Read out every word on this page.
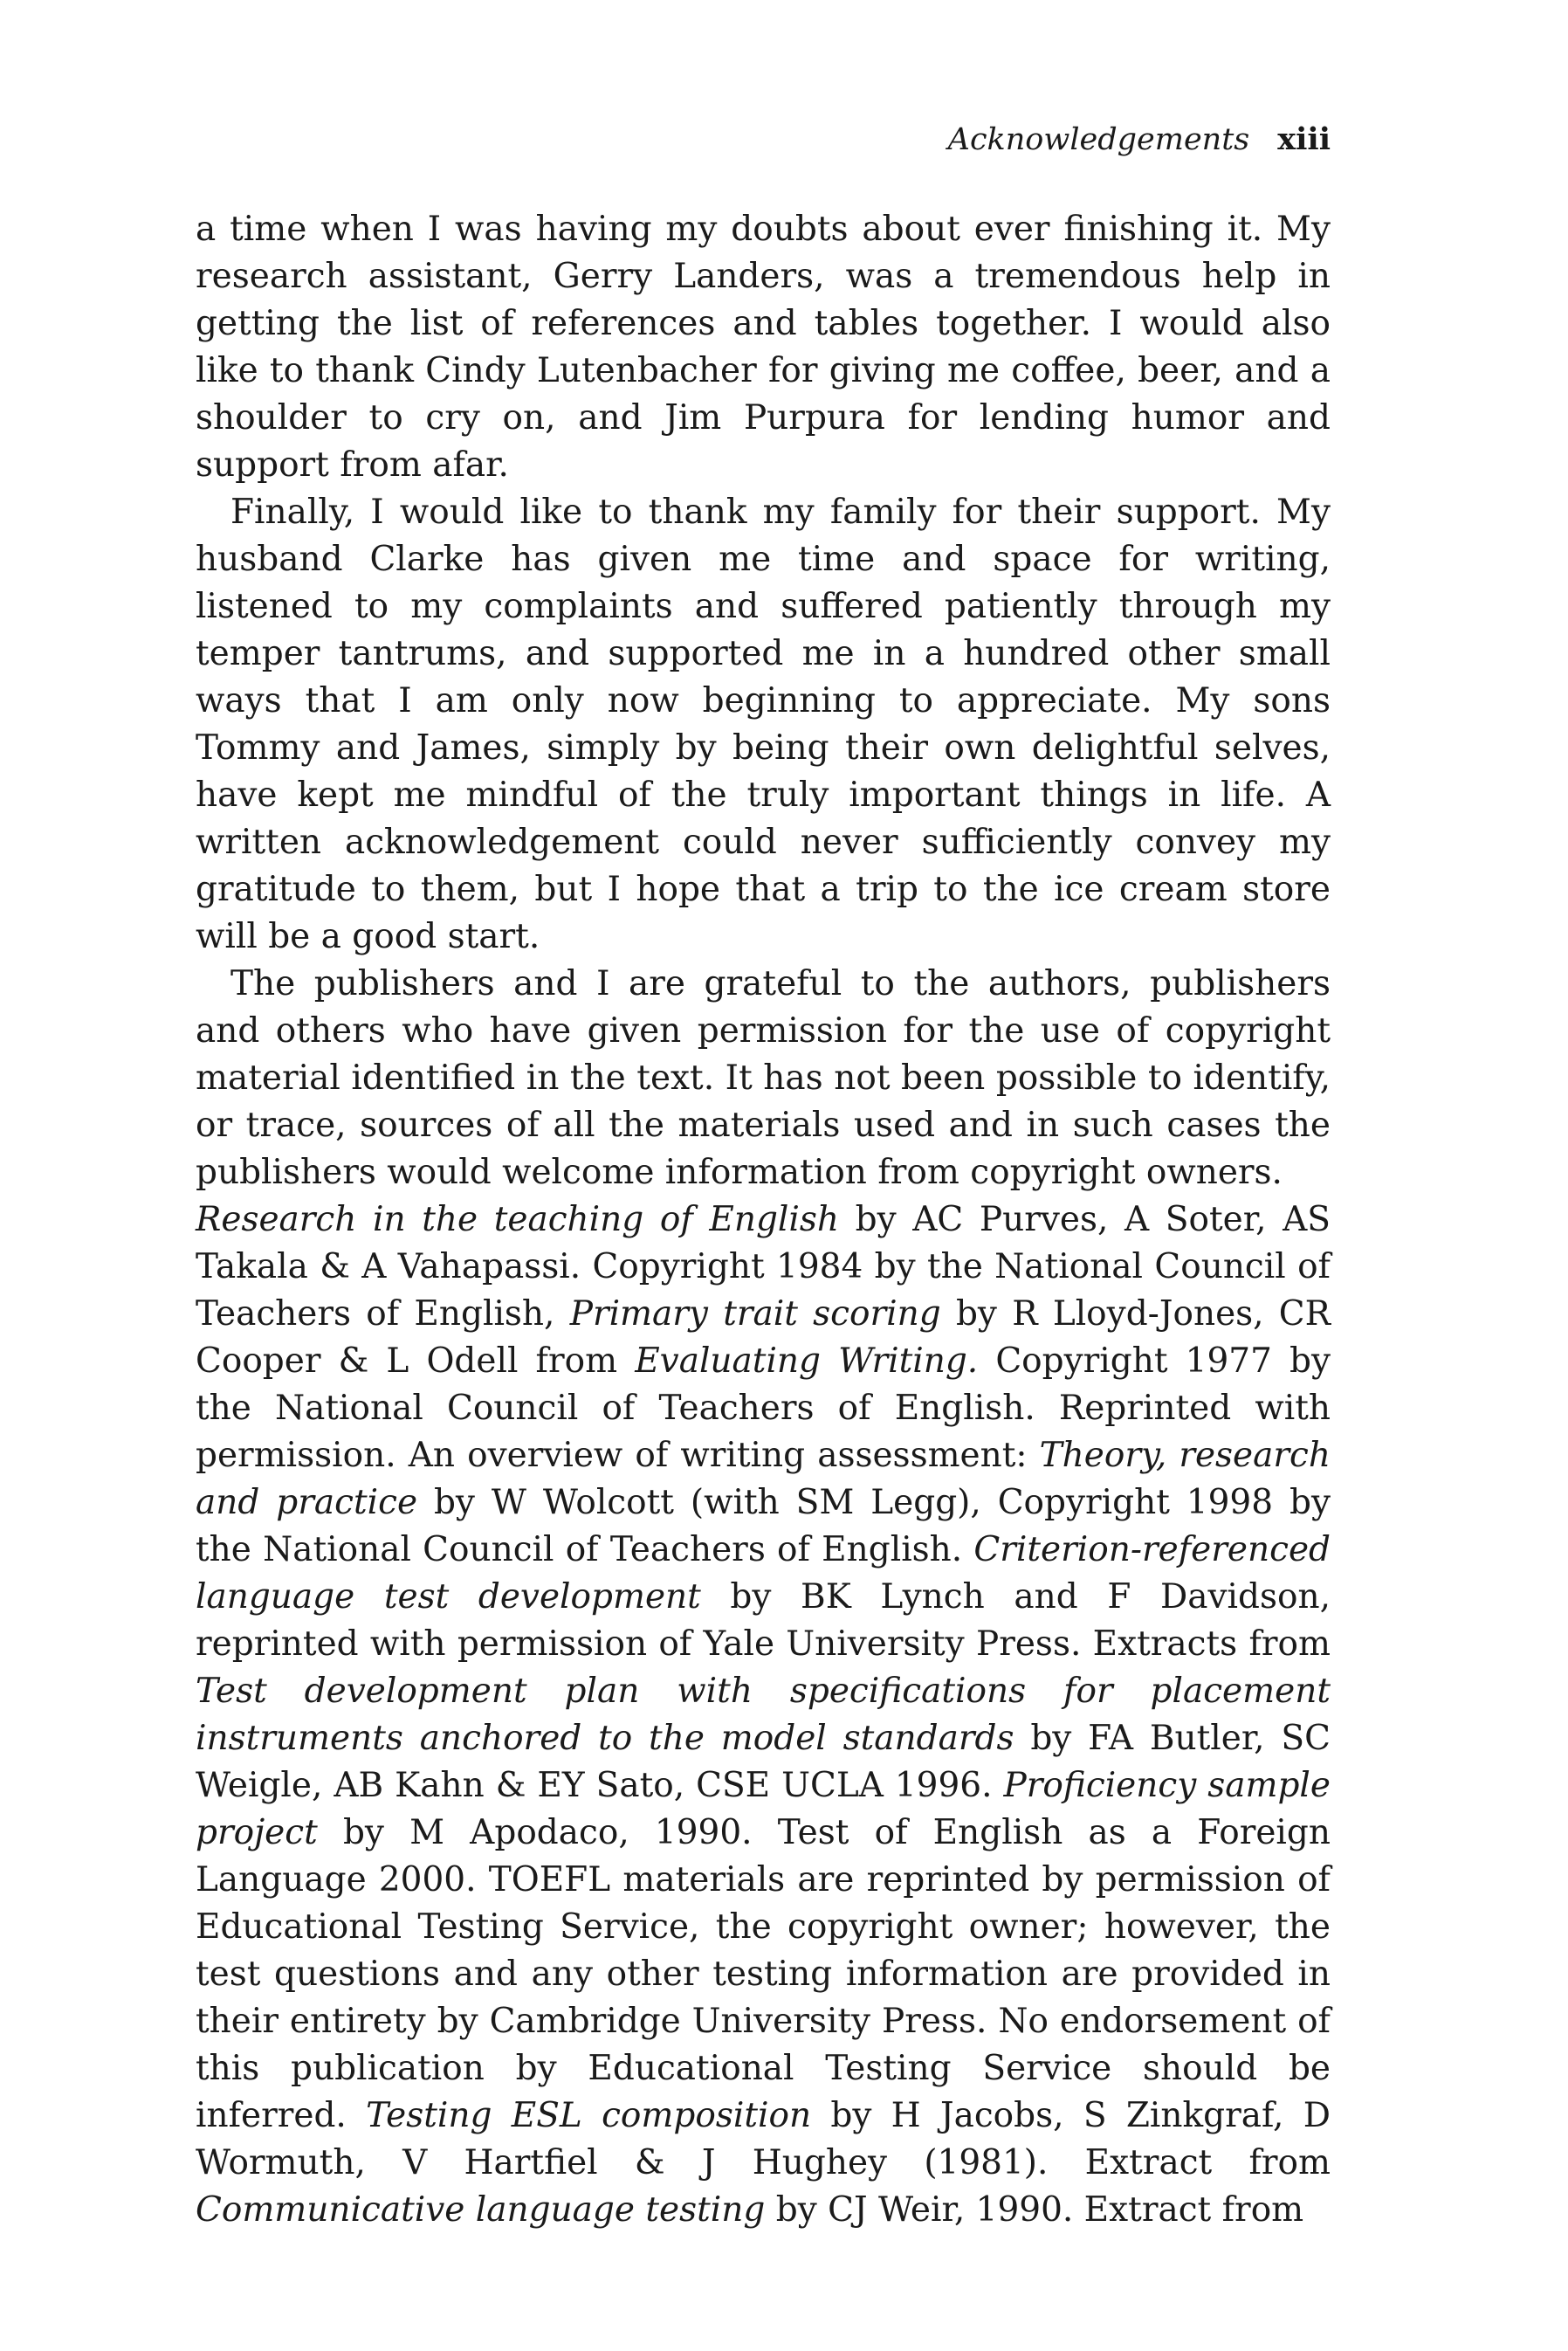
Acknowledgements xiii

a time when I was having my doubts about ever finishing it. My research assistant, Gerry Landers, was a tremendous help in getting the list of references and tables together. I would also like to thank Cindy Lutenbacher for giving me coffee, beer, and a shoulder to cry on, and Jim Purpura for lending humor and support from afar.

Finally, I would like to thank my family for their support. My husband Clarke has given me time and space for writing, listened to my complaints and suffered patiently through my temper tantrums, and supported me in a hundred other small ways that I am only now beginning to appreciate. My sons Tommy and James, simply by being their own delightful selves, have kept me mindful of the truly important things in life. A written acknowledgement could never sufficiently convey my gratitude to them, but I hope that a trip to the ice cream store will be a good start.

The publishers and I are grateful to the authors, publishers and others who have given permission for the use of copyright material identified in the text. It has not been possible to identify, or trace, sources of all the materials used and in such cases the publishers would welcome information from copyright owners.

Research in the teaching of English by AC Purves, A Soter, AS Takala & A Vahapassi. Copyright 1984 by the National Council of Teachers of English, Primary trait scoring by R Lloyd-Jones, CR Cooper & L Odell from Evaluating Writing. Copyright 1977 by the National Council of Teachers of English. Reprinted with permission. An overview of writing assessment: Theory, research and practice by W Wolcott (with SM Legg), Copyright 1998 by the National Council of Teachers of English. Criterion-referenced language test development by BK Lynch and F Davidson, reprinted with permission of Yale University Press. Extracts from Test development plan with specifications for placement instruments anchored to the model standards by FA Butler, SC Weigle, AB Kahn & EY Sato, CSE UCLA 1996. Proficiency sample project by M Apodaco, 1990. Test of English as a Foreign Language 2000. TOEFL materials are reprinted by permission of Educational Testing Service, the copyright owner; however, the test questions and any other testing information are provided in their entirety by Cambridge University Press. No endorsement of this publication by Educational Testing Service should be inferred. Testing ESL composition by H Jacobs, S Zinkgraf, D Wormuth, V Hartfiel & J Hughey (1981). Extract from Communicative language testing by CJ Weir, 1990. Extract from
